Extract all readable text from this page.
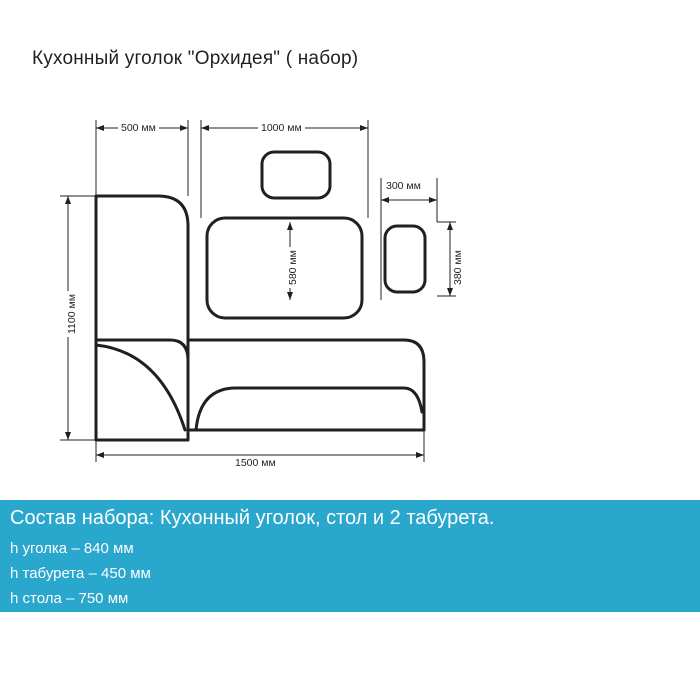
Кухонный уголок "Орхидея" ( набор)
500 мм	1000 мм
300 мм
580 мм	380 мм
1100 мм
1500 мм
Состав набора: Кухонный уголок, стол и 2 табурета.
h уголка – 840 мм
h табурета – 450 мм
h стола – 750 мм
